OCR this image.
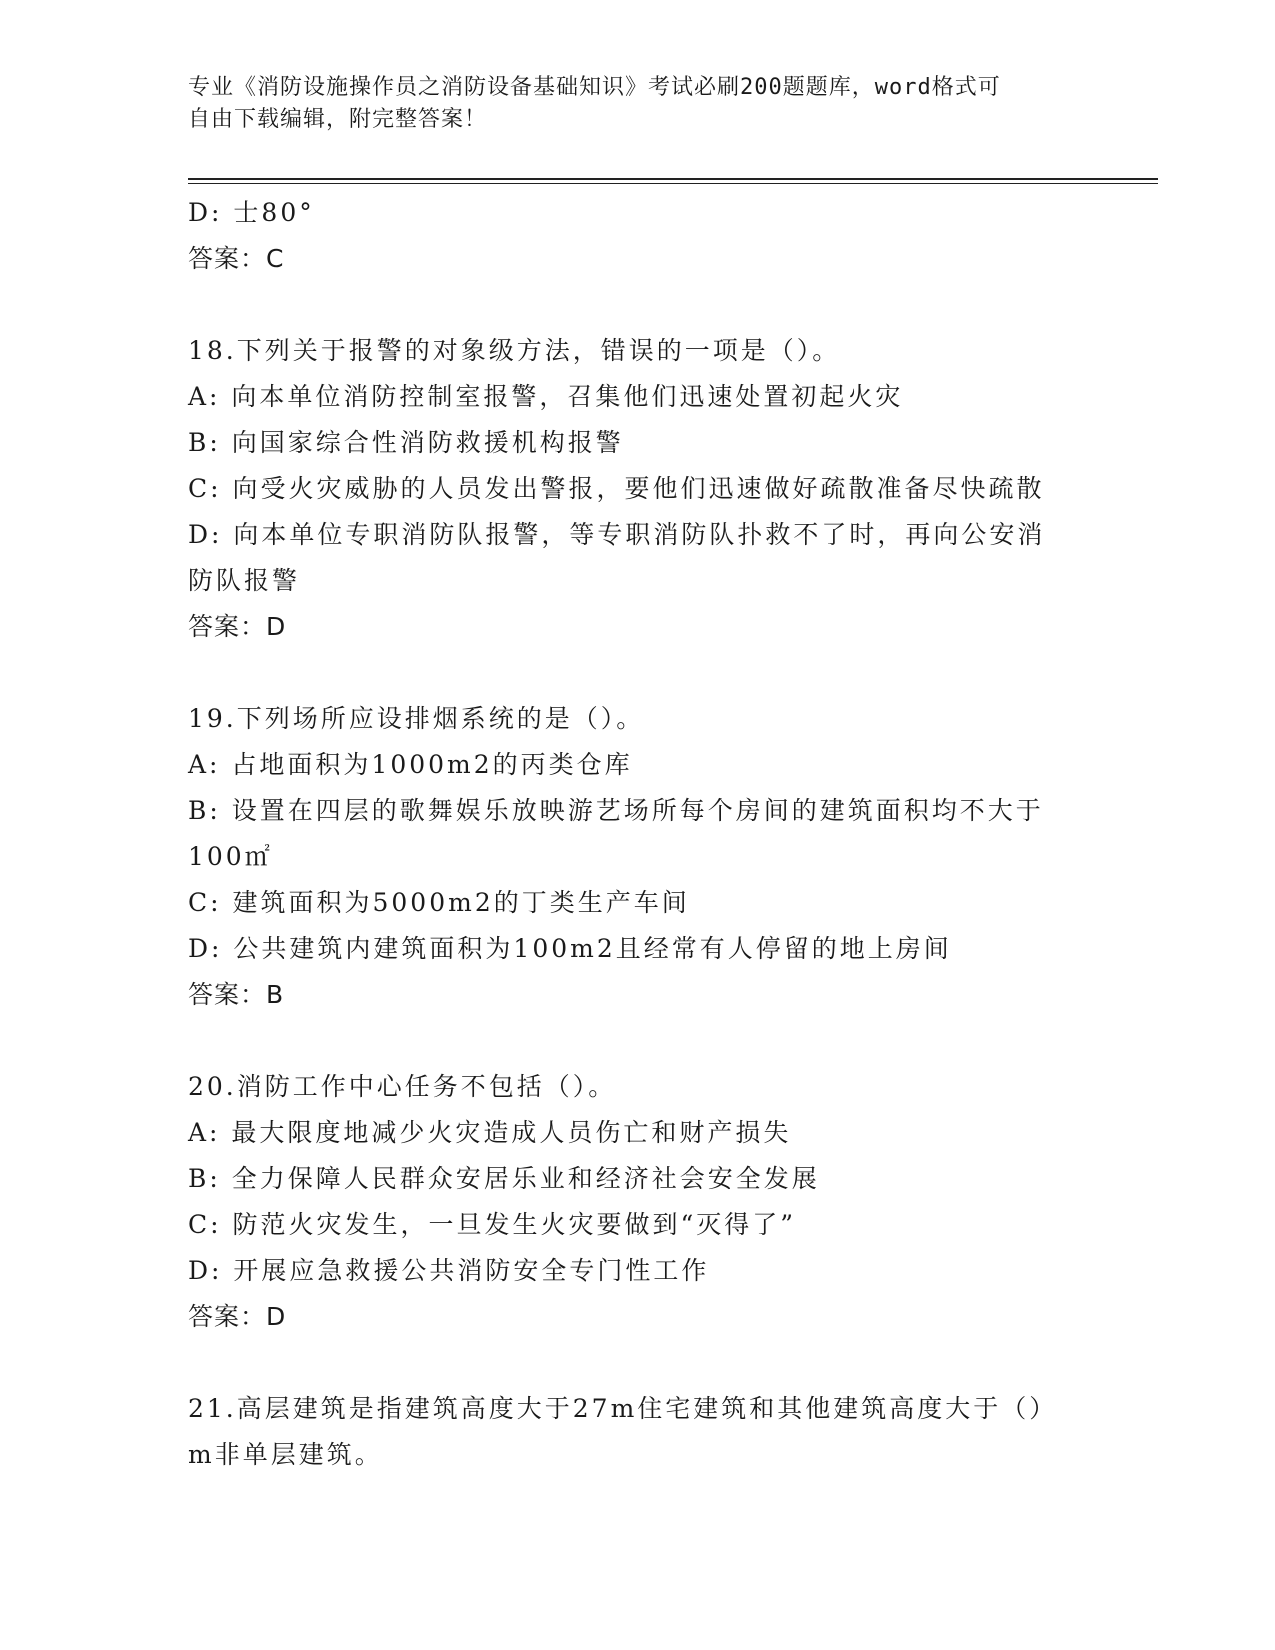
专业《消防设施操作员之消防设备基础知识》考试必刷200题题库，word格式可
自由下载编辑，附完整答案！
D: 士80°
答案：C
18.下列关于报警的对象级方法，错误的一项是（）。
A: 向本单位消防控制室报警，召集他们迅速处置初起火灾
B: 向国家综合性消防救援机构报警
C: 向受火灾威胁的人员发出警报，要他们迅速做好疏散准备尽快疏散
D: 向本单位专职消防队报警，等专职消防队扑救不了时，再向公安消
防队报警
答案：D
19.下列场所应设排烟系统的是（）。
A: 占地面积为1000m2的丙类仓库
B: 设置在四层的歌舞娱乐放映游艺场所每个房间的建筑面积均不大于
100㎡
C: 建筑面积为5000m2的丁类生产车间
D: 公共建筑内建筑面积为100m2且经常有人停留的地上房间
答案：B
20.消防工作中心任务不包括（）。
A: 最大限度地减少火灾造成人员伤亡和财产损失
B: 全力保障人民群众安居乐业和经济社会安全发展
C: 防范火灾发生，一旦发生火灾要做到“灭得了”
D: 开展应急救援公共消防安全专门性工作
答案：D
21.高层建筑是指建筑高度大于27m住宅建筑和其他建筑高度大于（）
m非单层建筑。
